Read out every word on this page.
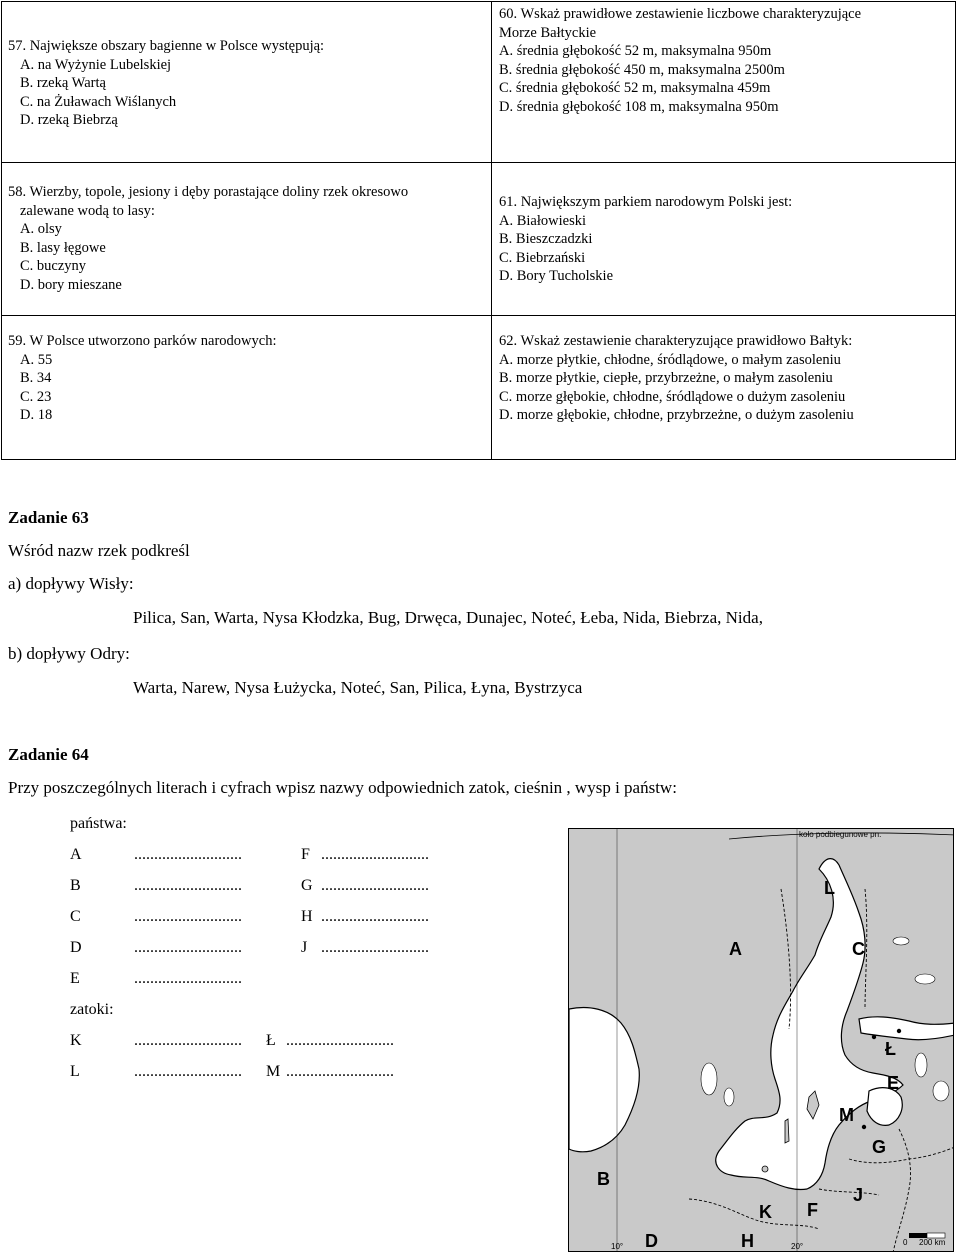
57. Największe obszary bagienne w Polsce występują:
A. na Wyżynie Lubelskiej
B. rzeką Wartą
C. na Żuławach Wiślanych
D. rzeką Biebrzą
60. Wskaż prawidłowe zestawienie liczbowe charakteryzujące
Morze Bałtyckie
A. średnia głębokość 52 m, maksymalna 950m
B. średnia głębokość 450 m, maksymalna 2500m
C. średnia głębokość 52 m, maksymalna 459m
D. średnia głębokość 108 m, maksymalna 950m
58. Wierzby, topole, jesiony i dęby porastające doliny rzek okresowo
zalewane wodą to lasy:
A. olsy
B. lasy łęgowe
C. buczyny
D. bory mieszane
61. Największym parkiem narodowym Polski jest:
A. Białowieski
B. Bieszczadzki
C. Biebrzański
D. Bory Tucholskie
59. W Polsce utworzono parków narodowych:
A. 55
B. 34
C. 23
D. 18
62. Wskaż zestawienie charakteryzujące prawidłowo Bałtyk:
A. morze płytkie, chłodne, śródlądowe, o małym zasoleniu
B. morze płytkie, ciepłe, przybrzeżne, o małym zasoleniu
C. morze głębokie, chłodne, śródlądowe o dużym zasoleniu
D. morze głębokie, chłodne, przybrzeżne, o dużym zasoleniu
Zadanie 63
Wśród nazw rzek podkreśl
a) dopływy Wisły:
Pilica, San, Warta, Nysa Kłodzka, Bug, Drwęca, Dunajec, Noteć, Łeba, Nida, Biebrza, Nida,
b) dopływy Odry:
Warta, Narew, Nysa Łużycka, Noteć, San, Pilica, Łyna, Bystrzyca
Zadanie 64
Przy poszczególnych literach i cyfrach wpisz nazwy odpowiednich zatok, cieśnin , wysp i państw:
państwa:
A	...........................
B	...........................
C	...........................
D	...........................
E	...........................
F ...........................
G ...........................
H ...........................
J ...........................
zatoki:
K	........................... Ł ...........................
L	........................... M ...........................
koło podbiegunowe pn.
0 200 km
10°	20°
L
A	C
Ł
E
M
G
B
J
K F
D	H
